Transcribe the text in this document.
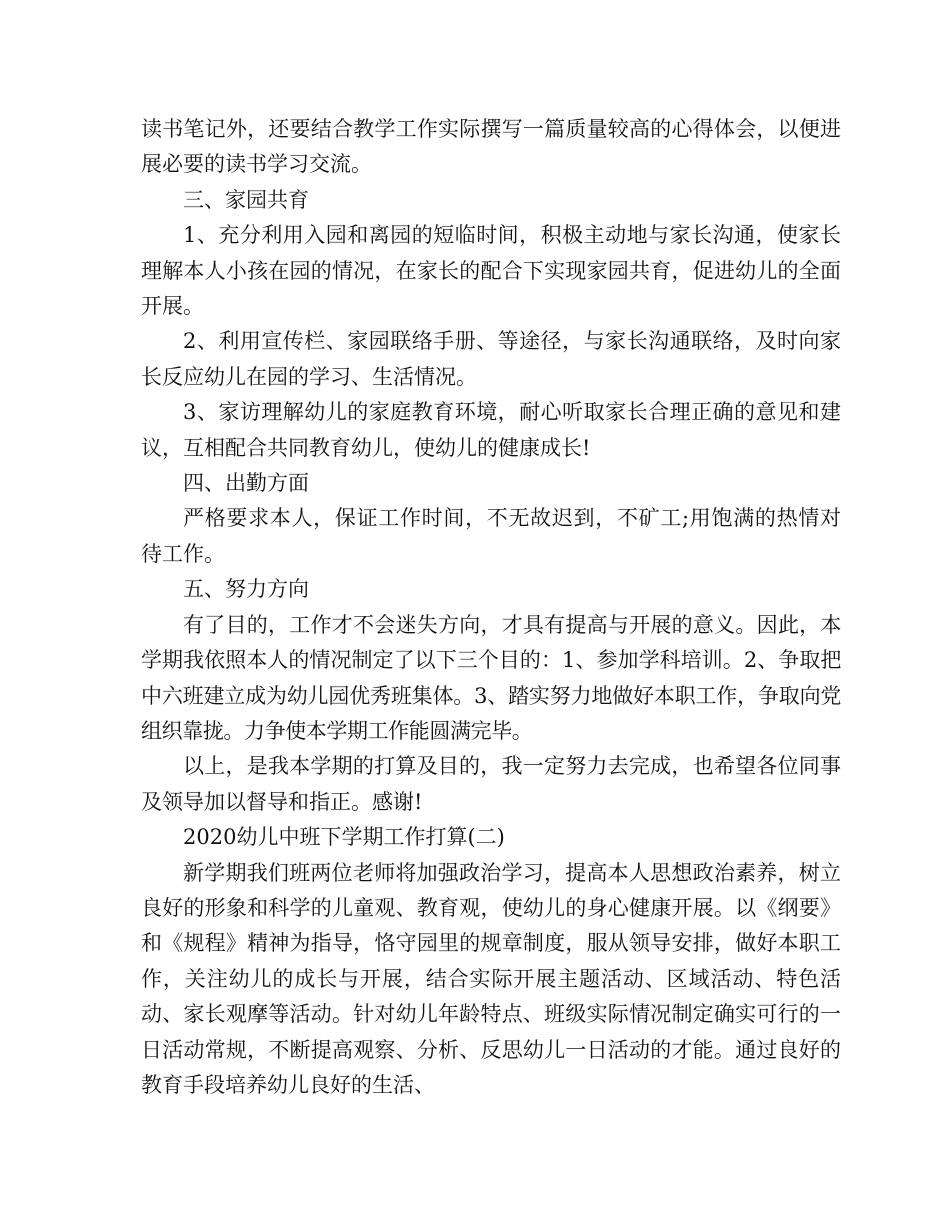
读书笔记外，还要结合教学工作实际撰写一篇质量较高的心得体会，以便进展必要的读书学习交流。

三、家园共育

1、充分利用入园和离园的短临时间，积极主动地与家长沟通，使家长理解本人小孩在园的情况，在家长的配合下实现家园共育，促进幼儿的全面开展。

2、利用宣传栏、家园联络手册、等途径，与家长沟通联络，及时向家长反应幼儿在园的学习、生活情况。

3、家访理解幼儿的家庭教育环境，耐心听取家长合理正确的意见和建议，互相配合共同教育幼儿，使幼儿的健康成长!

四、出勤方面

严格要求本人，保证工作时间，不无故迟到，不矿工;用饱满的热情对待工作。

五、努力方向

有了目的，工作才不会迷失方向，才具有提高与开展的意义。因此，本学期我依照本人的情况制定了以下三个目的：1、参加学科培训。2、争取把中六班建立成为幼儿园优秀班集体。3、踏实努力地做好本职工作，争取向党组织靠拢。力争使本学期工作能圆满完毕。

以上，是我本学期的打算及目的，我一定努力去完成，也希望各位同事及领导加以督导和指正。感谢!

2020幼儿中班下学期工作打算(二)

新学期我们班两位老师将加强政治学习，提高本人思想政治素养，树立良好的形象和科学的儿童观、教育观，使幼儿的身心健康开展。以《纲要》和《规程》精神为指导，恪守园里的规章制度，服从领导安排，做好本职工作，关注幼儿的成长与开展，结合实际开展主题活动、区域活动、特色活动、家长观摩等活动。针对幼儿年龄特点、班级实际情况制定确实可行的一日活动常规，不断提高观察、分析、反思幼儿一日活动的才能。通过良好的教育手段培养幼儿良好的生活、
